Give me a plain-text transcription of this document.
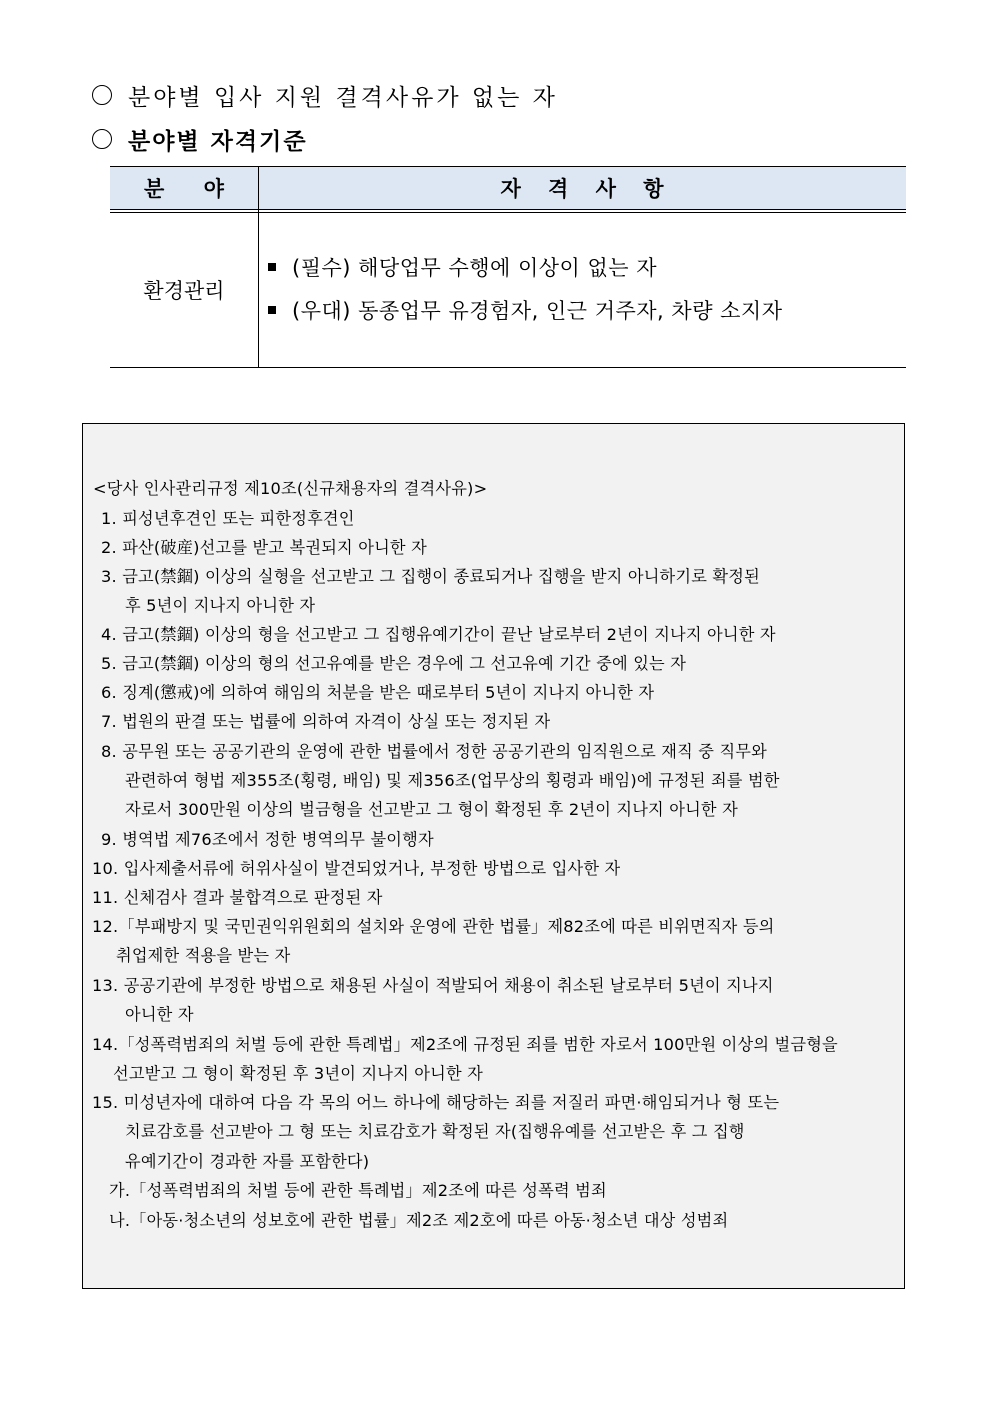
분야별 입사 지원 결격사유가 없는 자
분야별 자격기준
분 야	자 격 사 항
환경관리
(필수) 해당업무 수행에 이상이 없는 자
(우대) 동종업무 유경험자, 인근 거주자, 차량 소지자
<당사 인사관리규정 제10조(신규채용자의 결격사유)>
1. 피성년후견인 또는 피한정후견인
2. 파산(破産)선고를 받고 복권되지 아니한 자
3. 금고(禁錮) 이상의 실형을 선고받고 그 집행이 종료되거나 집행을 받지 아니하기로 확정된
후 5년이 지나지 아니한 자
4. 금고(禁錮) 이상의 형을 선고받고 그 집행유예기간이 끝난 날로부터 2년이 지나지 아니한 자
5. 금고(禁錮) 이상의 형의 선고유예를 받은 경우에 그 선고유예 기간 중에 있는 자
6. 징계(懲戒)에 의하여 해임의 처분을 받은 때로부터 5년이 지나지 아니한 자
7. 법원의 판결 또는 법률에 의하여 자격이 상실 또는 정지된 자
8. 공무원 또는 공공기관의 운영에 관한 법률에서 정한 공공기관의 임직원으로 재직 중 직무와
관련하여 형법 제355조(횡령, 배임) 및 제356조(업무상의 횡령과 배임)에 규정된 죄를 범한
자로서 300만원 이상의 벌금형을 선고받고 그 형이 확정된 후 2년이 지나지 아니한 자
9. 병역법 제76조에서 정한 병역의무 불이행자
10. 입사제출서류에 허위사실이 발견되었거나, 부정한 방법으로 입사한 자
11. 신체검사 결과 불합격으로 판정된 자
12.「부패방지 및 국민권익위원회의 설치와 운영에 관한 법률」제82조에 따른 비위면직자 등의
취업제한 적용을 받는 자
13. 공공기관에 부정한 방법으로 채용된 사실이 적발되어 채용이 취소된 날로부터 5년이 지나지
아니한 자
14.「성폭력범죄의 처벌 등에 관한 특례법」제2조에 규정된 죄를 범한 자로서 100만원 이상의 벌금형을
선고받고 그 형이 확정된 후 3년이 지나지 아니한 자
15. 미성년자에 대하여 다음 각 목의 어느 하나에 해당하는 죄를 저질러 파면·해임되거나 형 또는
치료감호를 선고받아 그 형 또는 치료감호가 확정된 자(집행유예를 선고받은 후 그 집행
유예기간이 경과한 자를 포함한다)
가.「성폭력범죄의 처벌 등에 관한 특례법」제2조에 따른 성폭력 범죄
나.「아동·청소년의 성보호에 관한 법률」제2조 제2호에 따른 아동·청소년 대상 성범죄
